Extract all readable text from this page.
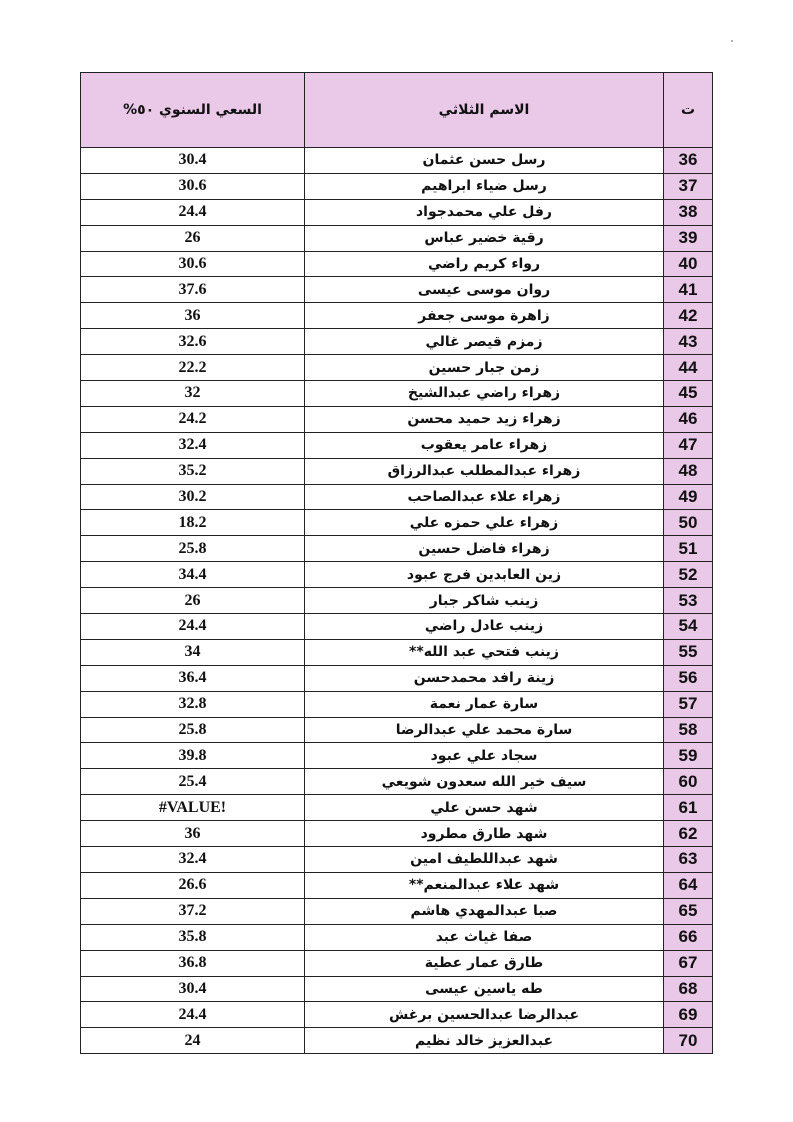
السعي السنوي ٥٠%	الاسم الثلاثي	ت
30.4	رسل حسن عثمان	36
30.6	رسل ضياء ابراهيم	37
24.4	رفل علي محمدجواد	38
26	رقية خضير عباس	39
30.6	رواء كريم راضي	40
37.6	روان موسى عيسى	41
36	زاهرة موسى جعفر	42
32.6	زمزم قيصر غالي	43
22.2	زمن جبار حسين	44
32	زهراء راضي عبدالشيخ	45
24.2	زهراء زيد حميد محسن	46
32.4	زهراء عامر يعقوب	47
35.2	زهراء عبدالمطلب عبدالرزاق	48
30.2	زهراء علاء عبدالصاحب	49
18.2	زهراء علي حمزه علي	50
25.8	زهراء فاضل حسين	51
34.4	زين العابدين فرج عبود	52
26	زينب شاكر جبار	53
24.4	زينب عادل راضي	54
34	زينب فتحي عبد الله**	55
36.4	زينة رافد محمدحسن	56
32.8	سارة عمار نعمة	57
25.8	سارة محمد علي عبدالرضا	58
39.8	سجاد علي عبود	59
25.4	سيف خير الله سعدون شويعي	60
#VALUE!	شهد حسن علي	61
36	شهد طارق مطرود	62
32.4	شهد عبداللطيف امين	63
26.6	شهد علاء عبدالمنعم**	64
37.2	صبا عبدالمهدي هاشم	65
35.8	صفا غياث عبد	66
36.8	طارق عمار عطية	67
30.4	طه ياسين عيسى	68
24.4	عبدالرضا عبدالحسين برغش	69
24	عبدالعزيز خالد نظيم	70
